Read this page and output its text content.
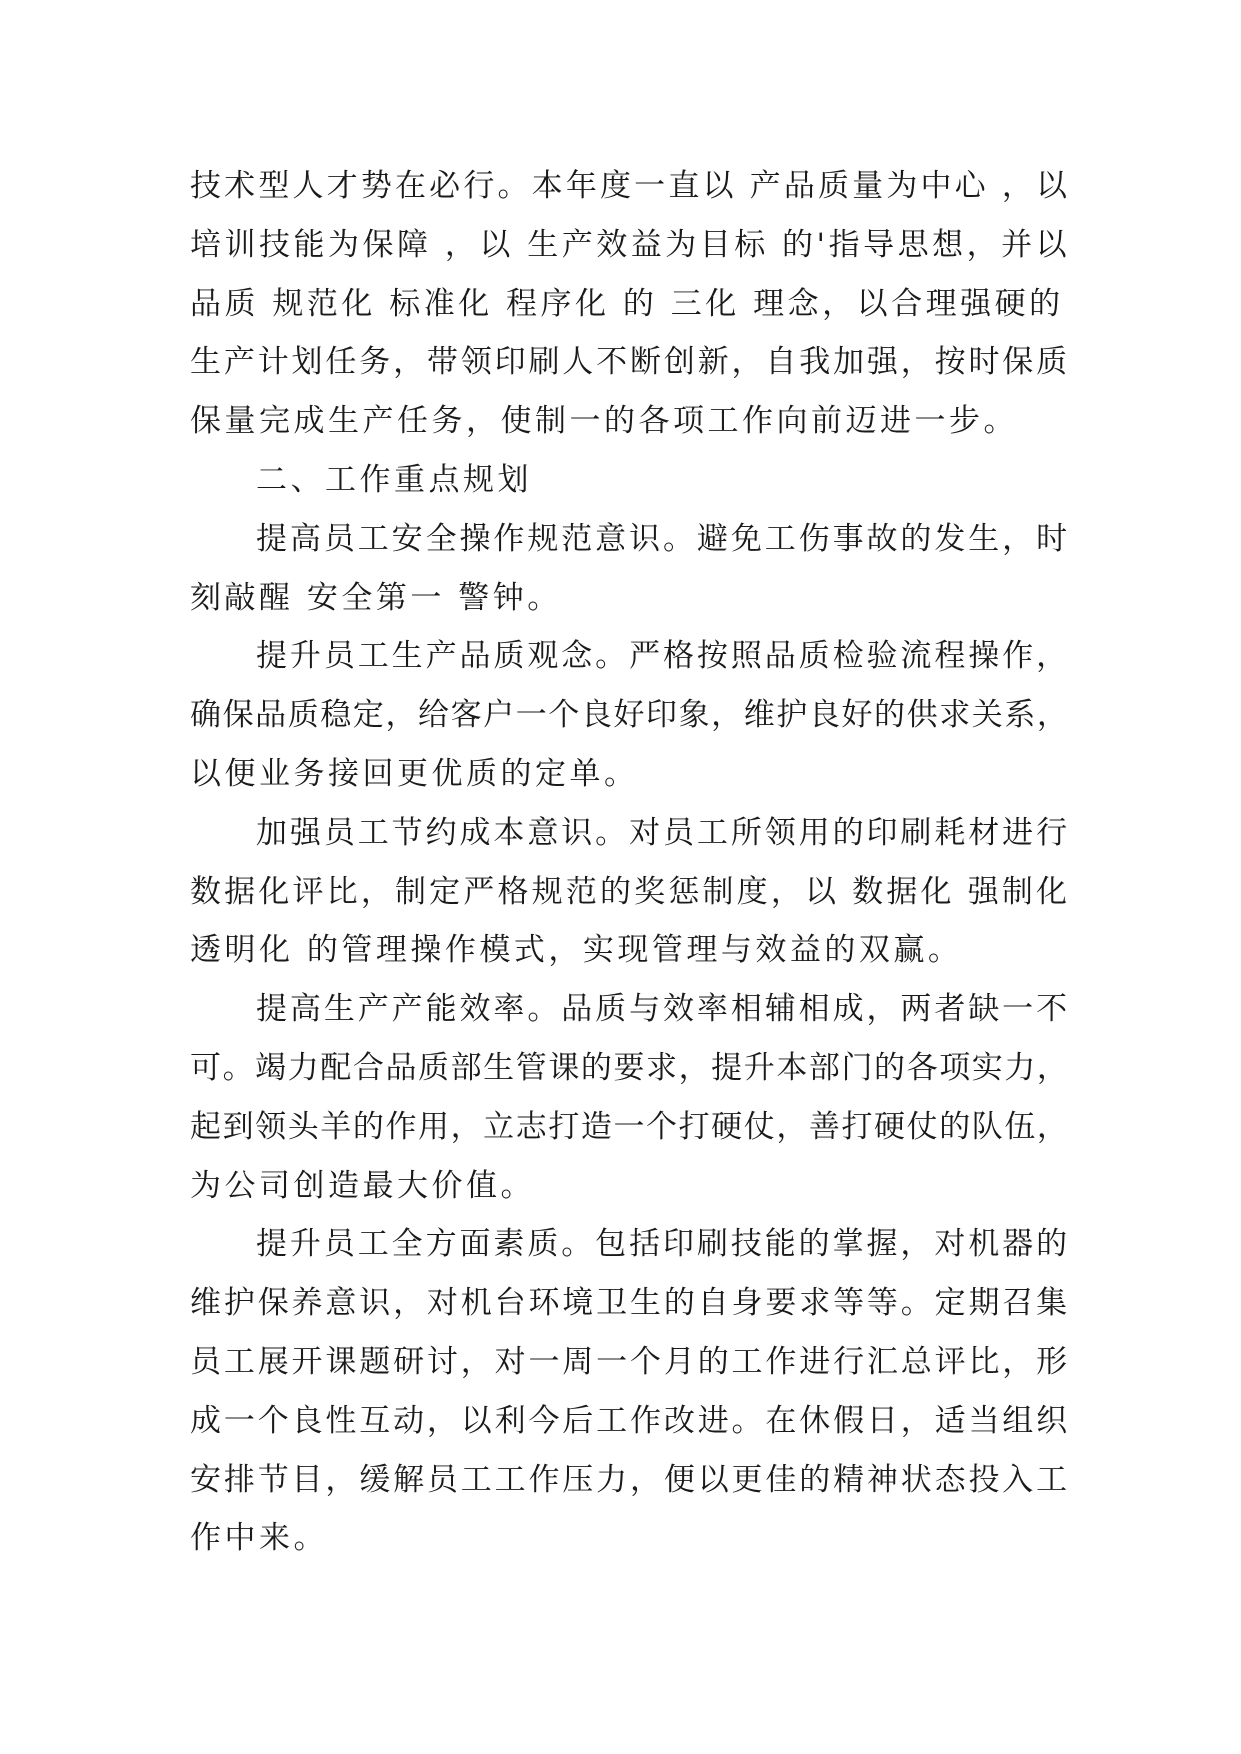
技术型人才势在必行。本年度一直以 产品质量为中心 ，以

培训技能为保障 ，以 生产效益为目标 的'指导思想，并以

品质 规范化 标准化 程序化 的 三化 理念，以合理强硬的

生产计划任务，带领印刷人不断创新，自我加强，按时保质

保量完成生产任务，使制一的各项工作向前迈进一步。

二、工作重点规划

提高员工安全操作规范意识。避免工伤事故的发生，时

刻敲醒 安全第一 警钟。

提升员工生产品质观念。严格按照品质检验流程操作，

确保品质稳定，给客户一个良好印象，维护良好的供求关系，

以便业务接回更优质的定单。

加强员工节约成本意识。对员工所领用的印刷耗材进行

数据化评比，制定严格规范的奖惩制度，以 数据化 强制化

透明化 的管理操作模式，实现管理与效益的双赢。

提高生产产能效率。品质与效率相辅相成，两者缺一不

可。竭力配合品质部生管课的要求，提升本部门的各项实力，

起到领头羊的作用，立志打造一个打硬仗，善打硬仗的队伍，

为公司创造最大价值。

提升员工全方面素质。包括印刷技能的掌握，对机器的

维护保养意识，对机台环境卫生的自身要求等等。定期召集

员工展开课题研讨，对一周一个月的工作进行汇总评比，形

成一个良性互动，以利今后工作改进。在休假日，适当组织

安排节目，缓解员工工作压力，便以更佳的精神状态投入工

作中来。
